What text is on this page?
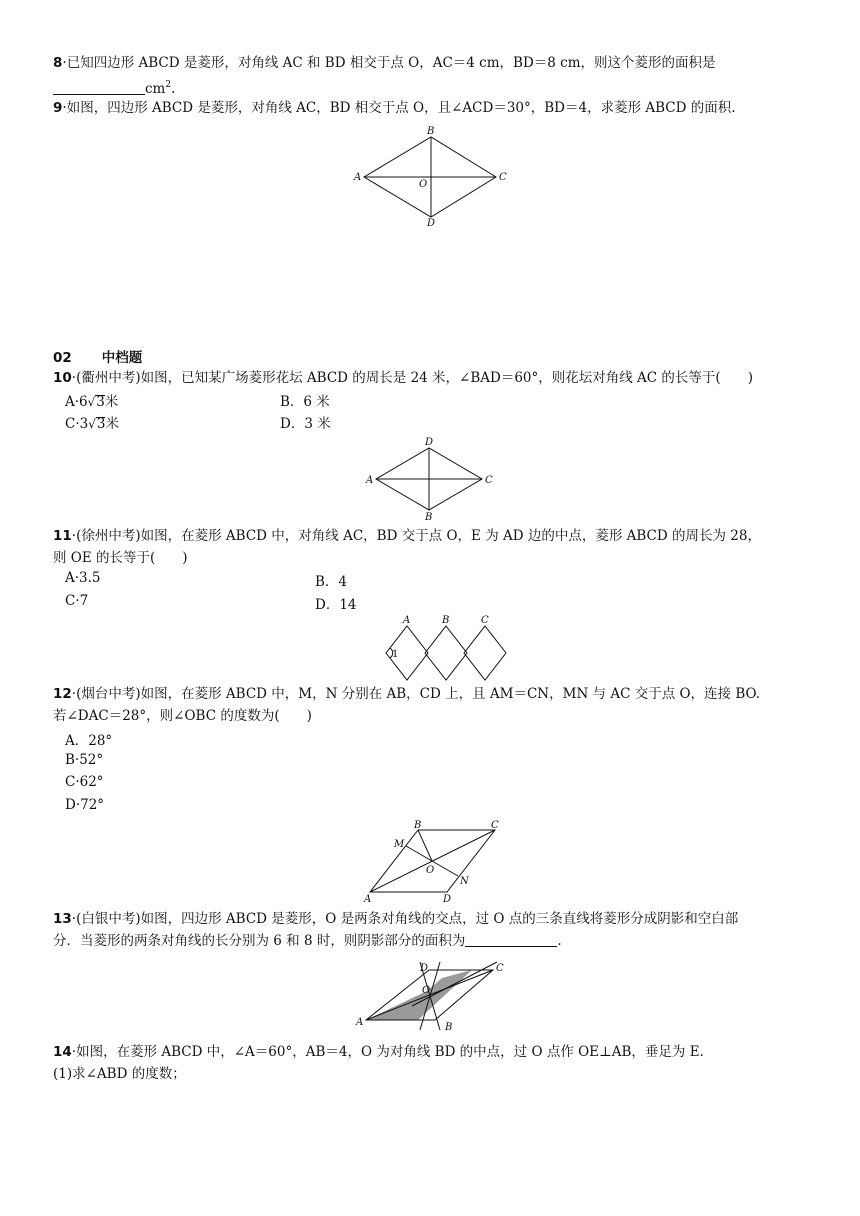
8·已知四边形 ABCD 是菱形，对角线 AC 和 BD 相交于点 O，AC＝4 cm，BD＝8 cm，则这个菱形的面积是
$cm^2$.
9·如图，四边形 ABCD 是菱形，对角线 AC，BD 相交于点 O，且∠ACD＝30°，BD＝4，求菱形 ABCD 的面积.
A
B
C
D
O
02 中档题
10·(衢州中考)如图，已知某广场菱形花坛 ABCD 的周长是 24 米，∠BAD＝60°，则花坛对角线 AC 的长等于(　　)
A·6√3米	B．6 米
C·3√3米	D．3 米
A
D
C
B
11·(徐州中考)如图，在菱形 ABCD 中，对角线 AC，BD 交于点 O，E 为 AD 边的中点，菱形 ABCD 的周长为 28，
则 OE 的长等于(　　)
A·3.5	B．4
C·7	D．14
A	B	C
1
12·(烟台中考)如图，在菱形 ABCD 中，M，N 分别在 AB，CD 上，且 AM＝CN，MN 与 AC 交于点 O，连接 BO.
若∠DAC＝28°，则∠OBC 的度数为(　　)
A．28°
B·52°
C·62°
D·72°
A
B	C
D
M
N
O
13·(白银中考)如图，四边形 ABCD 是菱形，O 是两条对角线的交点，过 O 点的三条直线将菱形分成阴影和空白部
分．当菱形的两条对角线的长分别为 6 和 8 时，则阴影部分的面积为	.
A	B
C
D
O
14·如图，在菱形 ABCD 中，∠A＝60°，AB＝4，O 为对角线 BD 的中点，过 O 点作 OE⊥AB，垂足为 E.
(1)求∠ABD 的度数；
